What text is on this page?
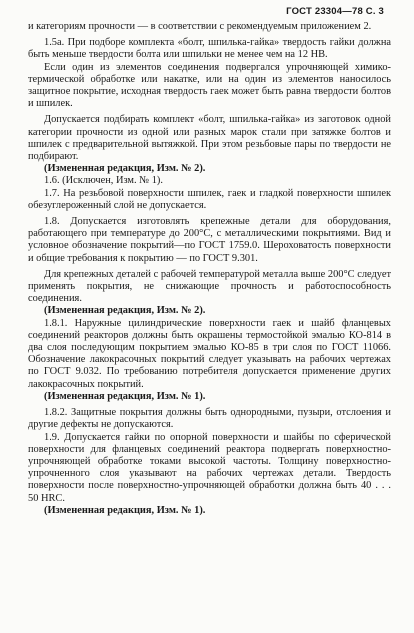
ГОСТ 23304—78 С. 3

и категориям прочности — в соответствии с рекомендуемым приложением 2.

1.5а. При подборе комплекта «болт, шпилька-гайка» твердость гайки должна быть меньше твердости болта или шпильки не менее чем на 12 НВ.

Если один из элементов соединения подвергался упрочняющей химико-термической обработке или накатке, или на один из элементов наносилось защитное покрытие, исходная твердость гаек может быть равна твердости болтов и шпилек.

Допускается подбирать комплект «болт, шпилька-гайка» из заготовок одной категории прочности из одной или разных марок стали при затяжке болтов и шпилек с предварительной вытяжкой. При этом резьбовые пары по твердости не подбирают.

(Измененная редакция, Изм. № 2).

1.6. (Исключен, Изм. № 1).

1.7. На резьбовой поверхности шпилек, гаек и гладкой поверхности шпилек обезуглероженный слой не допускается.

1.8. Допускается изготовлять крепежные детали для оборудования, работающего при температуре до 200°С, с металлическими покрытиями. Вид и условное обозначение покрытий—по ГОСТ 1759.0. Шероховатость поверхности и общие требования к покрытию — по ГОСТ 9.301.

Для крепежных деталей с рабочей температурой металла выше 200°С следует применять покрытия, не снижающие прочность и работоспособность соединения.

(Измененная редакция, Изм. № 2).

1.8.1. Наружные цилиндрические поверхности гаек и шайб фланцевых соединений реакторов должны быть окрашены термостойкой эмалью КО-814 в два слоя последующим покрытием эмалью КО-85 в три слоя по ГОСТ 11066. Обозначение лакокрасочных покрытий следует указывать на рабочих чертежах по ГОСТ 9.032. По требованию потребителя допускается применение других лакокрасочных покрытий.

(Измененная редакция, Изм. № 1).

1.8.2. Защитные покрытия должны быть однородными, пузыри, отслоения и другие дефекты не допускаются.

1.9. Допускается гайки по опорной поверхности и шайбы по сферической поверхности для фланцевых соединений реактора подвергать поверхностно-упрочняющей обработке токами высокой частоты. Толщину поверхностно-упрочненного слоя указывают на рабочих чертежах детали. Твердость поверхности после поверхностно-упрочняющей обработки должна быть 40 . . . 50 HRC.

(Измененная редакция, Изм. № 1).
